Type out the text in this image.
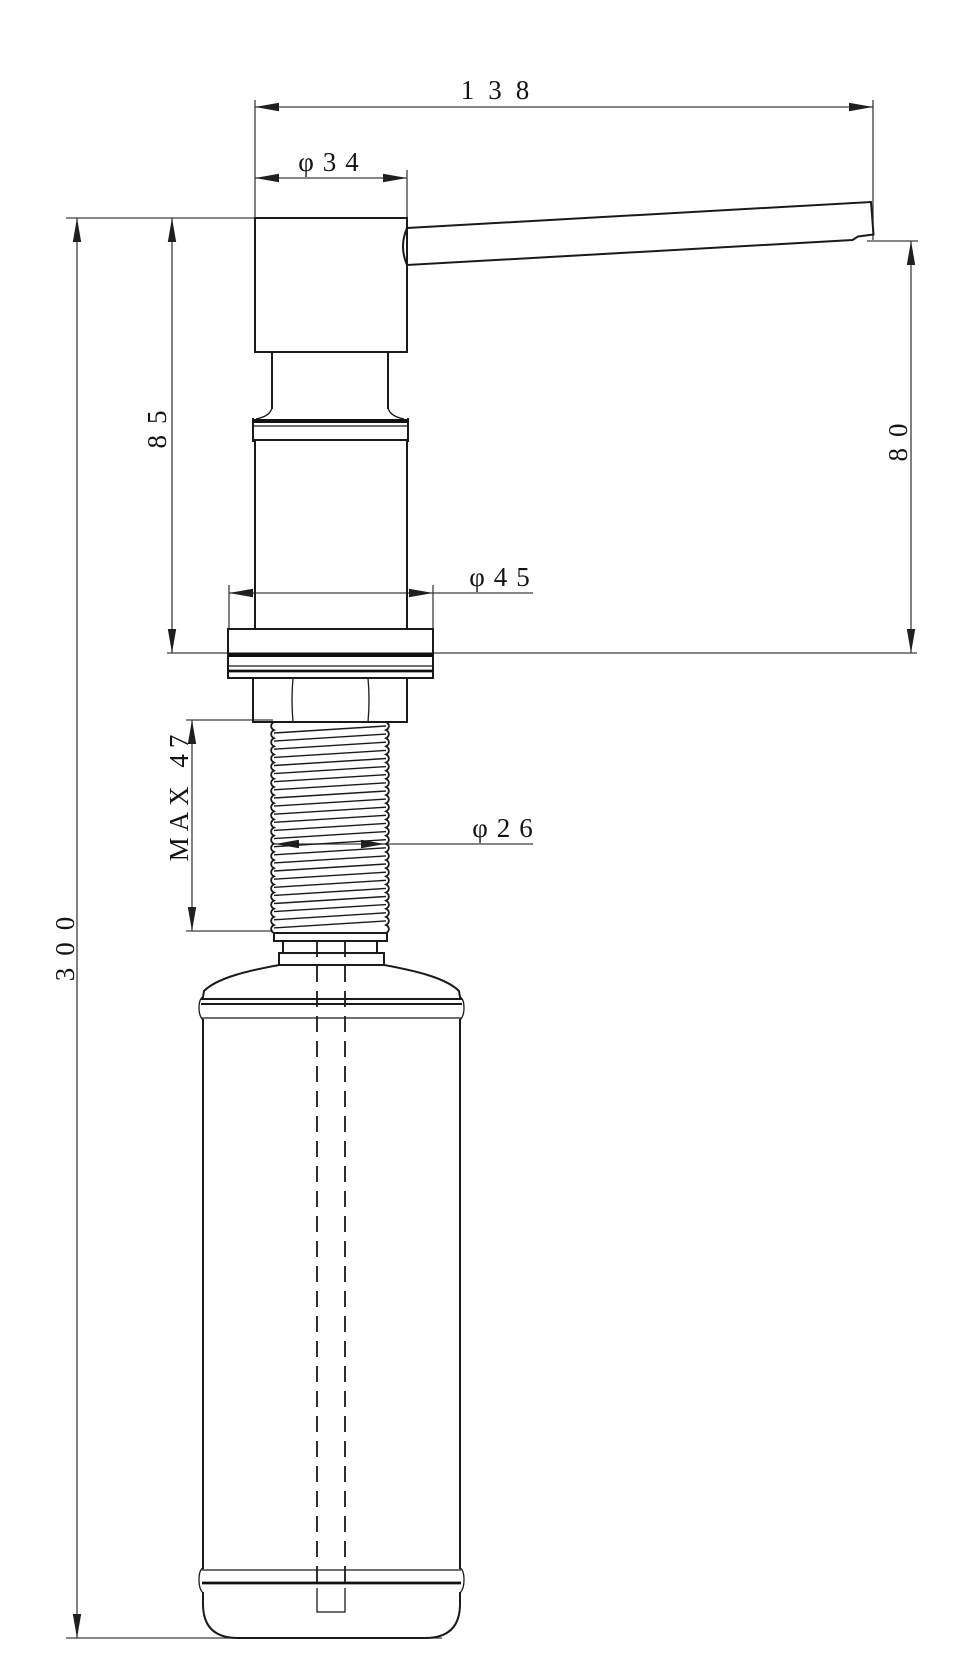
138
φ34
φ45
φ26
85	80
300
MAX 47
